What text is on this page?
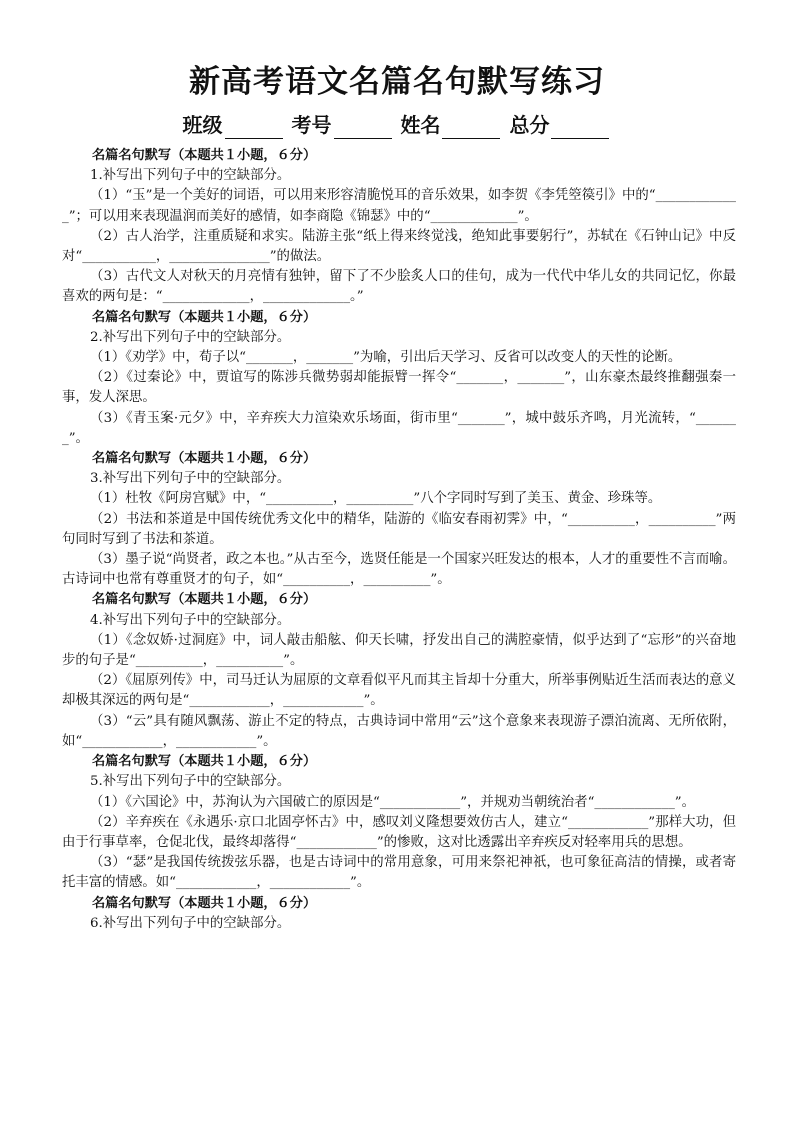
新高考语文名篇名句默写练习
班级	考号	姓名	总分
名篇名句默写（本题共１小题，６分）
1.补写出下列句子中的空缺部分。
（1）“玉”是一个美好的词语，可以用来形容清脆悦耳的音乐效果，如李贺《李凭箜篌引》中的“_____________”；可以用来表现温润而美好的感情，如李商隐《锦瑟》中的“_____________”。
（2）古人治学，注重质疑和求实。陆游主张“纸上得来终觉浅，绝知此事要躬行”，苏轼在《石钟山记》中反对“___________，_______________”的做法。
（3）古代文人对秋天的月亮情有独钟，留下了不少脍炙人口的佳句，成为一代代中华儿女的共同记忆，你最喜欢的两句是：“_____________，_____________。”
名篇名句默写（本题共１小题，６分）
2.补写出下列句子中的空缺部分。
（1）《劝学》中，荀子以“_______，_______”为喻，引出后天学习、反省可以改变人的天性的论断。
（2）《过秦论》中，贾谊写的陈涉兵微势弱却能振臂一挥令“_______，_______”，山东豪杰最终推翻强秦一事，发人深思。
（3）《青玉案·元夕》中，辛弃疾大力渲染欢乐场面，街市里“_______”，城中鼓乐齐鸣，月光流转，“_______”。
名篇名句默写（本题共１小题，６分）
3.补写出下列句子中的空缺部分。
（1）杜牧《阿房宫赋》中，“__________，__________”八个字同时写到了美玉、黄金、珍珠等。
（2）书法和茶道是中国传统优秀文化中的精华，陆游的《临安春雨初霁》中，“__________，__________”两句同时写到了书法和茶道。
（3）墨子说“尚贤者，政之本也。”从古至今，选贤任能是一个国家兴旺发达的根本，人才的重要性不言而喻。古诗词中也常有尊重贤才的句子，如“__________，__________”。
名篇名句默写（本题共１小题，６分）
4.补写出下列句子中的空缺部分。
（1）《念奴娇·过洞庭》中，词人敲击船舷、仰天长啸，抒发出自己的满腔豪情，似乎达到了“忘形”的兴奋地步的句子是“__________，__________”。
（2）《屈原列传》中，司马迁认为屈原的文章看似平凡而其主旨却十分重大，所举事例贴近生活而表达的意义却极其深远的两句是“____________，____________”。
（3）“云”具有随风飘荡、游止不定的特点，古典诗词中常用“云”这个意象来表现游子漂泊流离、无所依附，如“____________，____________”。
名篇名句默写（本题共１小题，６分）
5.补写出下列句子中的空缺部分。
（1）《六国论》中，苏洵认为六国破亡的原因是“____________”，并规劝当朝统治者“____________”。
（2）辛弃疾在《永遇乐·京口北固亭怀古》中，感叹刘义隆想要效仿古人，建立“____________”那样大功，但由于行事草率，仓促北伐，最终却落得“____________”的惨败，这对比透露出辛弃疾反对轻率用兵的思想。
（3）“瑟”是我国传统拨弦乐器，也是古诗词中的常用意象，可用来祭祀神祇，也可象征高洁的情操，或者寄托丰富的情感。如“____________，____________”。
名篇名句默写（本题共１小题，６分）
6.补写出下列句子中的空缺部分。
